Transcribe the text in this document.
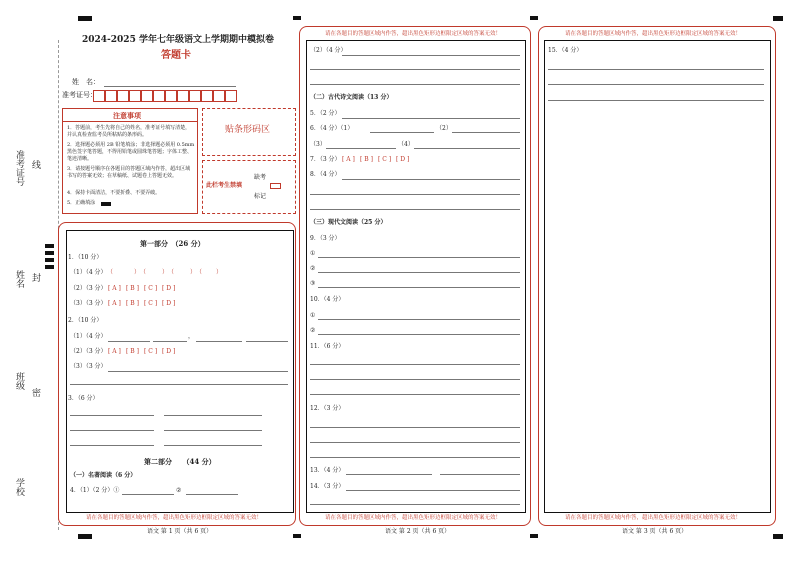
准考证号 线
姓名 封
班级
密
学校
2024-2025 学年七年级语文上学期期中模拟卷
答题卡
姓　名：
准考证号：
注意事项
1．答题前，考生先将自己的姓名，准考证号填写清楚，并认真检查监考员所粘贴的条形码。
2．选择题必须用 2B 铅笔填涂；非选择题必须用 0.5mm 黑色签字笔答题，不得用铅笔或圆珠笔答题；字体工整、笔迹清晰。
3．请按题号顺序在各题目的答题区域内作答，超出区域书写的答案无效；在草稿纸、试题卷上答题无效。
4．保持卡面清洁，不要折叠、不要弄破。
5．正确填涂
贴条形码区
此栏考生禁填
缺考
标记
第一部分　（26 分）
1．（10 分）
（1）（4 分） （	） （	） （	） （ ）
（2）（3 分） [ A ] [ B ] [ C ] [ D ]
（3）（3 分） [ A ] [ B ] [ C ] [ D ]
2．（10 分）
（1）（4 分）	，
（2）（3 分） [ A ] [ B ] [ C ] [ D ]
（3）（3 分）
3．（6 分）
第二部分　　（44 分）
（一）名著阅读（6 分）
4．（1）（2 分）①	②
请在各题目的答题区域内作答，超出黑色矩形边框限定区域的答案无效！
语文 第 1 页（共 6 页）
请在各题目的答题区域内作答，超出黑色矩形边框限定区域的答案无效！
（2）（4 分）
（二）古代诗文阅读（13 分）
5．（2 分）
6．（4 分）（1）	（2）
（3）	（4）
7．（3 分） [ A ] [ B ] [ C ] [ D ]
8．（4 分）
（三）现代文阅读（25 分）
9．（3 分）
①
②
③
10．（4 分）
①
②
11．（6 分）
12．（3 分）
13．（4 分）
14．（3 分）
请在各题目的答题区域内作答，超出黑色矩形边框限定区域的答案无效！
语文 第 2 页（共 6 页）
请在各题目的答题区域内作答，超出黑色矩形边框限定区域的答案无效！
15．（4 分）
请在各题目的答题区域内作答，超出黑色矩形边框限定区域的答案无效！
语文 第 3 页（共 6 页）
